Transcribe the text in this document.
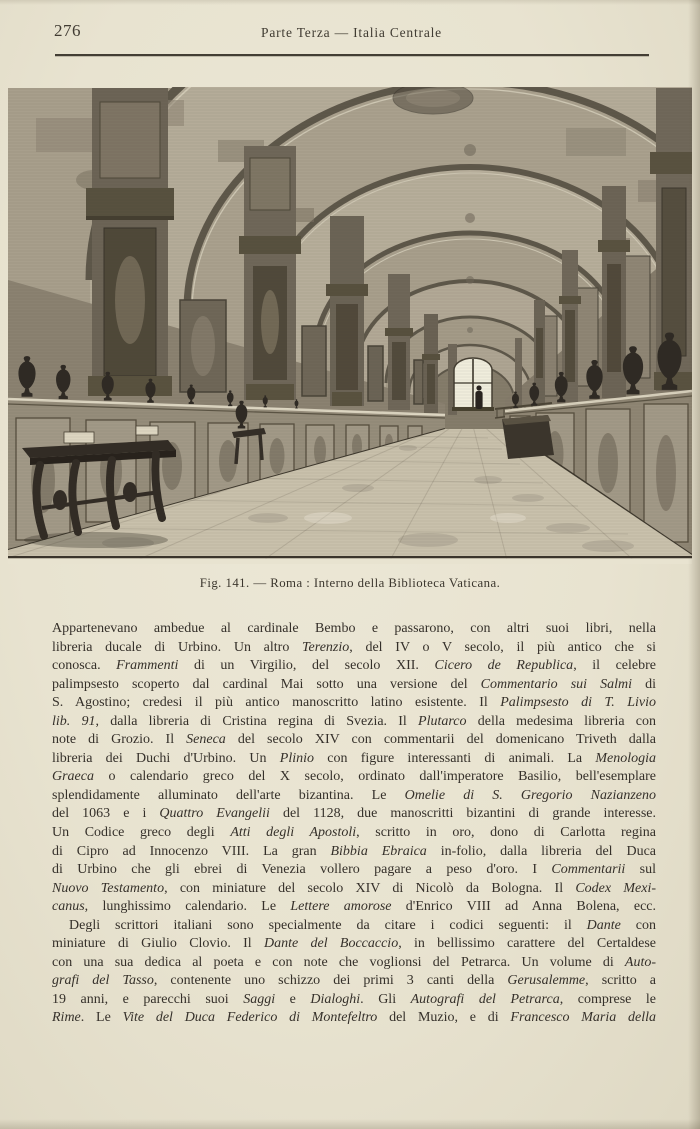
276	Parte Terza — Italia Centrale
Fig. 141. — Roma : Interno della Biblioteca Vaticana.
Appartenevano ambedue al cardinale Bembo e passarono, con altri suoi libri, nella
libreria ducale di Urbino. Un altro Terenzio, del IV o V secolo, il più antico che si
conosca. Frammenti di un Virgilio, del secolo XII. Cicero de Republica, il celebre
palimpsesto scoperto dal cardinal Mai sotto una versione del Commentario sui Salmi di
S. Agostino; credesi il più antico manoscritto latino esistente. Il Palimpsesto di T. Livio
lib. 91, dalla libreria di Cristina regina di Svezia. Il Plutarco della medesima libreria con
note di Grozio. Il Seneca del secolo XIV con commentarii del domenicano Triveth dalla
libreria dei Duchi d'Urbino. Un Plinio con figure interessanti di animali. La Menologia
Graeca o calendario greco del X secolo, ordinato dall'imperatore Basilio, bell'esemplare
splendidamente alluminato dell'arte bizantina. Le Omelie di S. Gregorio Nazianzeno
del 1063 e i Quattro Evangelii del 1128, due manoscritti bizantini di grande interesse.
Un Codice greco degli Atti degli Apostoli, scritto in oro, dono di Carlotta regina
di Cipro ad Innocenzo VIII. La gran Bibbia Ebraica in-folio, dalla libreria del Duca
di Urbino che gli ebrei di Venezia vollero pagare a peso d'oro. I Commentarii sul
Nuovo Testamento, con miniature del secolo XIV di Nicolò da Bologna. Il Codex Mexi-
canus, lunghissimo calendario. Le Lettere amorose d'Enrico VIII ad Anna Bolena, ecc.
Degli scrittori italiani sono specialmente da citare i codici seguenti: il Dante con
miniature di Giulio Clovio. Il Dante del Boccaccio, in bellissimo carattere del Certaldese
con una sua dedica al poeta e con note che voglionsi del Petrarca. Un volume di Auto-
grafi del Tasso, contenente uno schizzo dei primi 3 canti della Gerusalemme, scritto a
19 anni, e parecchi suoi Saggi e Dialoghi. Gli Autografi del Petrarca, comprese le
Rime. Le Vite del Duca Federico di Montefeltro del Muzio, e di Francesco Maria della
